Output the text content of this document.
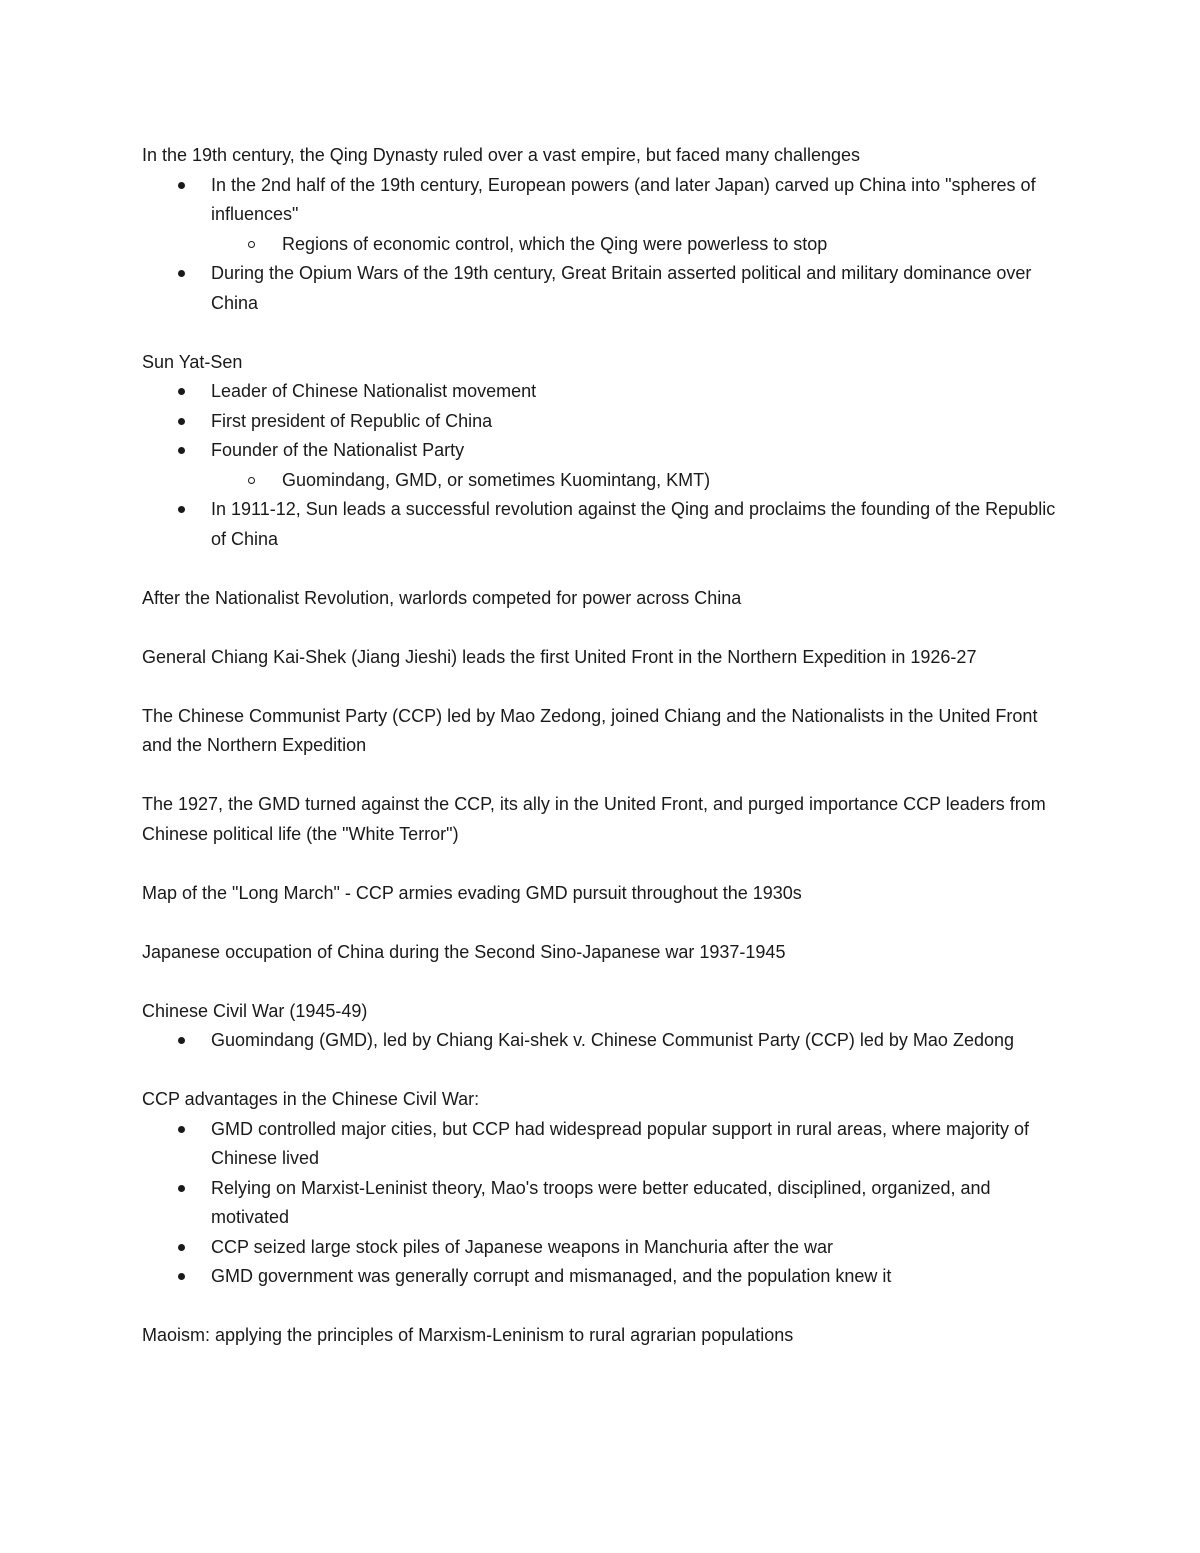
In the 19th century, the Qing Dynasty ruled over a vast empire, but faced many challenges

In the 2nd half of the 19th century, European powers (and later Japan) carved up China into "spheres of influences"
Regions of economic control, which the Qing were powerless to stop
During the Opium Wars of the 19th century, Great Britain asserted political and military dominance over China

Sun Yat-Sen

Leader of Chinese Nationalist movement
First president of Republic of China
Founder of the Nationalist Party
Guomindang, GMD, or sometimes Kuomintang, KMT)
In 1911-12, Sun leads a successful revolution against the Qing and proclaims the founding of the Republic of China

After the Nationalist Revolution, warlords competed for power across China

General Chiang Kai-Shek (Jiang Jieshi) leads the first United Front in the Northern Expedition in 1926-27

The Chinese Communist Party (CCP) led by Mao Zedong, joined Chiang and the Nationalists in the United Front and the Northern Expedition

The 1927, the GMD turned against the CCP, its ally in the United Front, and purged importance CCP leaders from Chinese political life (the "White Terror")

Map of the "Long March" - CCP armies evading GMD pursuit throughout the 1930s

Japanese occupation of China during the Second Sino-Japanese war 1937-1945

Chinese Civil War (1945-49)

Guomindang (GMD), led by Chiang Kai-shek v. Chinese Communist Party (CCP) led by Mao Zedong

CCP advantages in the Chinese Civil War:

GMD controlled major cities, but CCP had widespread popular support in rural areas, where majority of Chinese lived
Relying on Marxist-Leninist theory, Mao's troops were better educated, disciplined, organized, and motivated
CCP seized large stock piles of Japanese weapons in Manchuria after the war
GMD government was generally corrupt and mismanaged, and the population knew it

Maoism: applying the principles of Marxism-Leninism to rural agrarian populations
